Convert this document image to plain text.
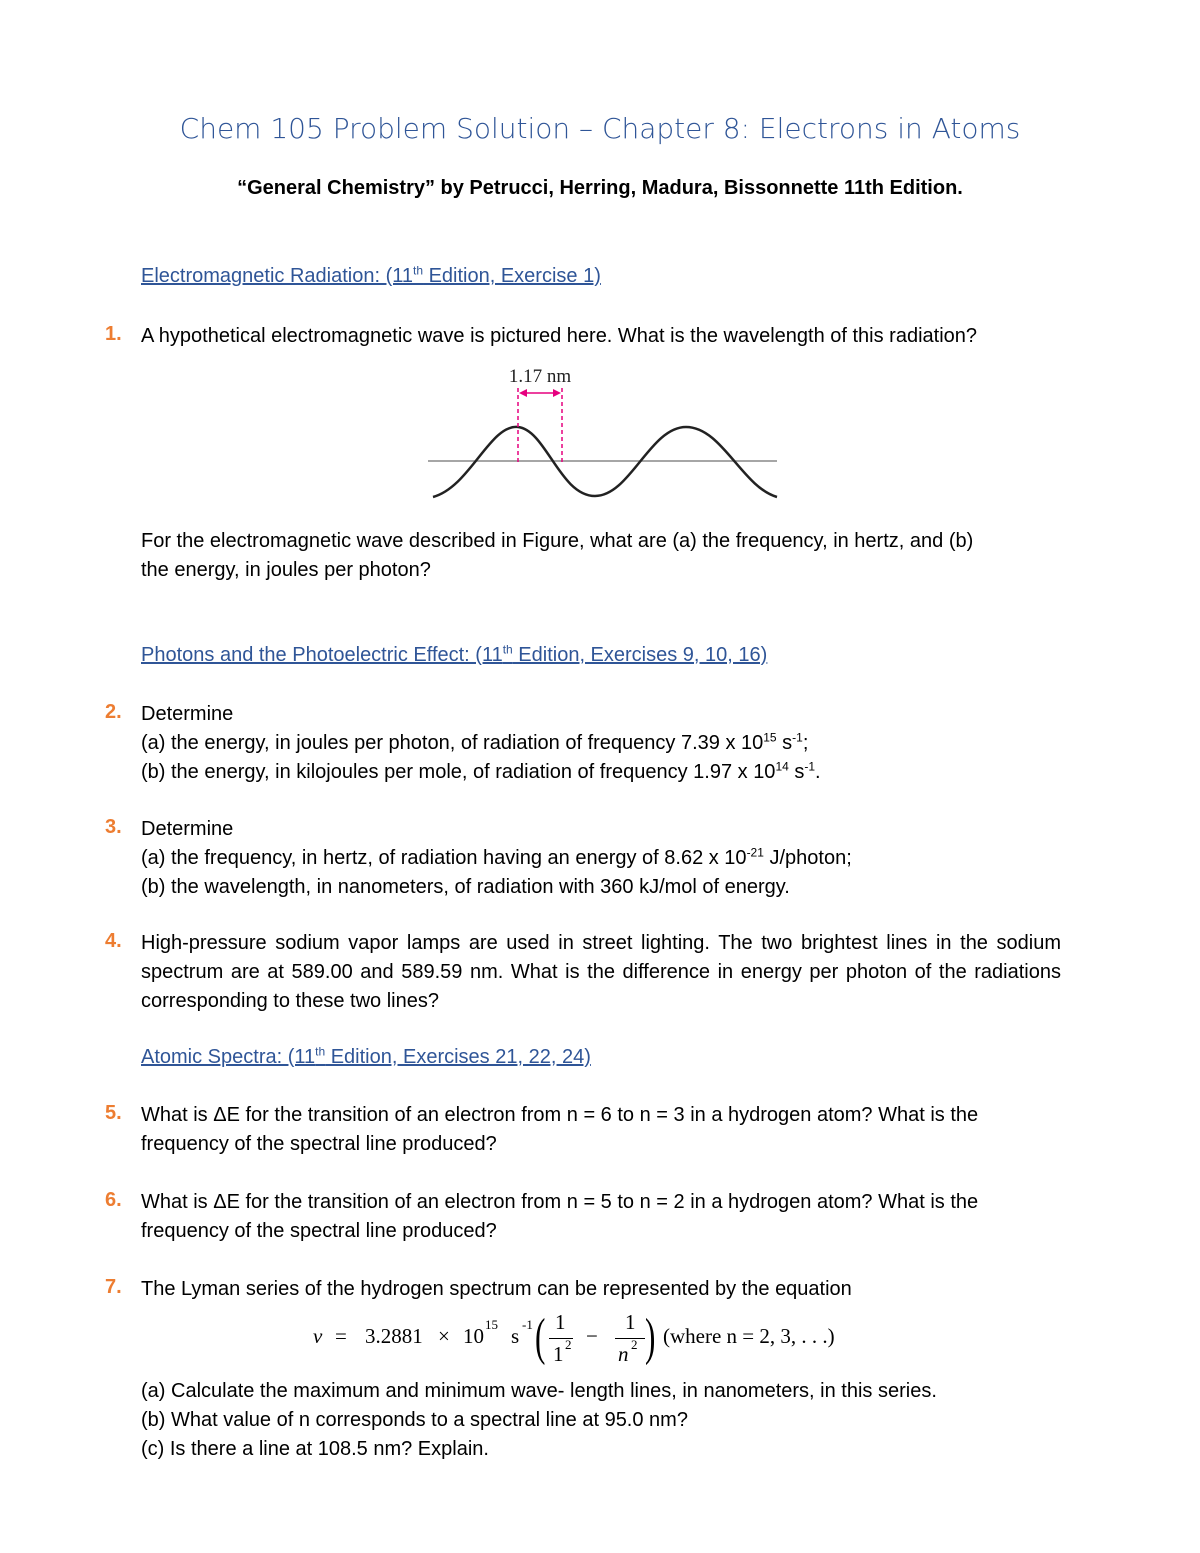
Chem 105 Problem Solution – Chapter 8: Electrons in Atoms
“General Chemistry” by Petrucci, Herring, Madura, Bissonnette 11th Edition.
Electromagnetic Radiation: (11th Edition, Exercise 1)
1. A hypothetical electromagnetic wave is pictured here. What is the wavelength of this radiation?
1.17 nm
For the electromagnetic wave described in Figure, what are (a) the frequency, in hertz, and (b)
the energy, in joules per photon?
Photons and the Photoelectric Effect: (11th Edition, Exercises 9, 10, 16)
2. Determine
(a) the energy, in joules per photon, of radiation of frequency 7.39 x $10^{15}$ $s^{-1}$;
(b) the energy, in kilojoules per mole, of radiation of frequency 1.97 x $10^{14}$ $s^{-1}$.
3. Determine
(a) the frequency, in hertz, of radiation having an energy of 8.62 x $10^{-21}$ J/photon;
(b) the wavelength, in nanometers, of radiation with 360 kJ/mol of energy.
4. High-pressure sodium vapor lamps are used in street lighting. The two brightest lines in the sodium spectrum are at 589.00 and 589.59 nm. What is the difference in energy per photon of the radiations corresponding to these two lines?
Atomic Spectra: (11th Edition, Exercises 21, 22, 24)
5. What is ΔE for the transition of an electron from n = 6 to n = 3 in a hydrogen atom? What is the
frequency of the spectral line produced?
6. What is ΔE for the transition of an electron from n = 5 to n = 2 in a hydrogen atom? What is the
frequency of the spectral line produced?
7. The Lyman series of the hydrogen spectrum can be represented by the equation
ν = 3.2881 × 10 15 s -1 ( 1
1 2 −
1
n 2 ) (where n = 2, 3, . . .)
(a) Calculate the maximum and minimum wave- length lines, in nanometers, in this series.
(b) What value of n corresponds to a spectral line at 95.0 nm?
(c) Is there a line at 108.5 nm? Explain.
